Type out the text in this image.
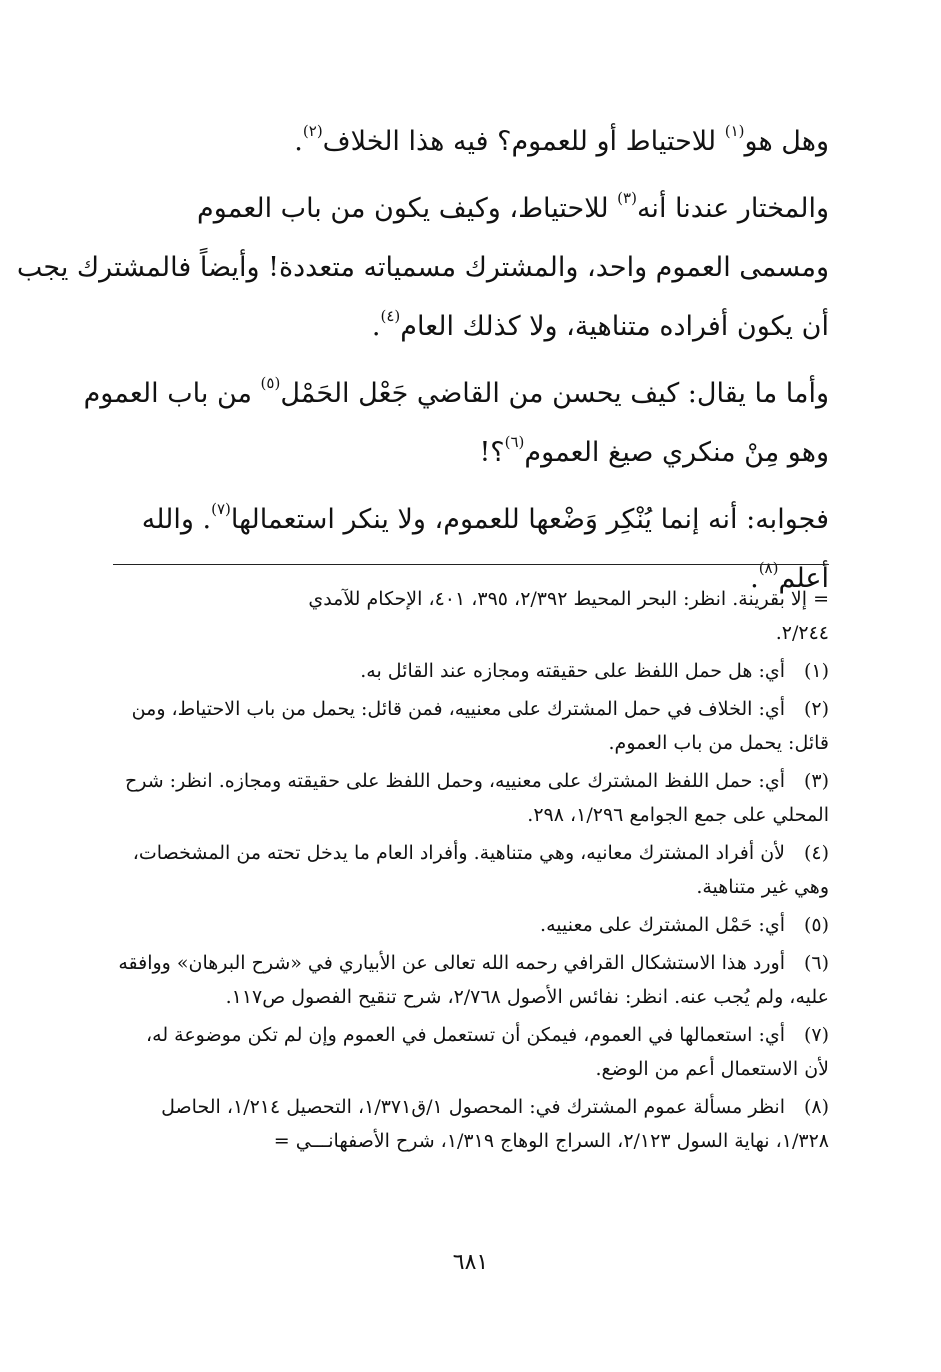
وهل هو$^{(١)}$ للاحتياط أو للعموم؟ فيه هذا الخلاف$^{(٢)}$.

والمختار عندنا أنه$^{(٣)}$ للاحتياط، وكيف يكون من باب العموم
ومسمى العموم واحد، والمشترك مسمياته متعددة! وأيضاً فالمشترك يجب
أن يكون أفراده متناهية، ولا كذلك العام$^{(٤)}$.

وأما ما يقال: كيف يحسن من القاضي جَعْل الحَمْل$^{(٥)}$ من باب العموم
وهو مِنْ منكري صيغ العموم$^{(٦)}$؟!

فجوابه: أنه إنما يُنْكِر وَضْعها للعموم، ولا ينكر استعمالها$^{(٧)}$. والله
أعلم$^{(٨)}$.

= إلا بقرينة. انظر: البحر المحيط ٢/٣٩٢، ٣٩٥، ٤٠١، الإحكام للآمدي
٢/٢٤٤.

(١)أي: هل حمل اللفظ على حقيقته ومجازه عند القائل به.

(٢)أي: الخلاف في حمل المشترك على معنييه، فمن قائل: يحمل من باب الاحتياط، ومن
قائل: يحمل من باب العموم.

(٣)أي: حمل اللفظ المشترك على معنييه، وحمل اللفظ على حقيقته ومجازه. انظر: شرح
المحلي على جمع الجوامع ١/٢٩٦، ٢٩٨.

(٤)لأن أفراد المشترك معانيه، وهي متناهية. وأفراد العام ما يدخل تحته من المشخصات،
وهي غير متناهية.

(٥)أي: حَمْل المشترك على معنييه.

(٦)أورد هذا الاستشكال القرافي رحمه الله تعالى عن الأبياري في «شرح البرهان» ووافقه
عليه، ولم يُجب عنه. انظر: نفائس الأصول ٢/٧٦٨، شرح تنقيح الفصول ص١١٧.

(٧)أي: استعمالها في العموم، فيمكن أن تستعمل في العموم وإن لم تكن موضوعة له،
لأن الاستعمال أعم من الوضع.

(٨)انظر مسألة عموم المشترك في: المحصول ١/ق١/٣٧١، التحصيل ١/٢١٤، الحاصل
١/٣٢٨، نهاية السول ٢/١٢٣، السراج الوهاج ١/٣١٩، شرح الأصفهانـــي =

٦٨١
